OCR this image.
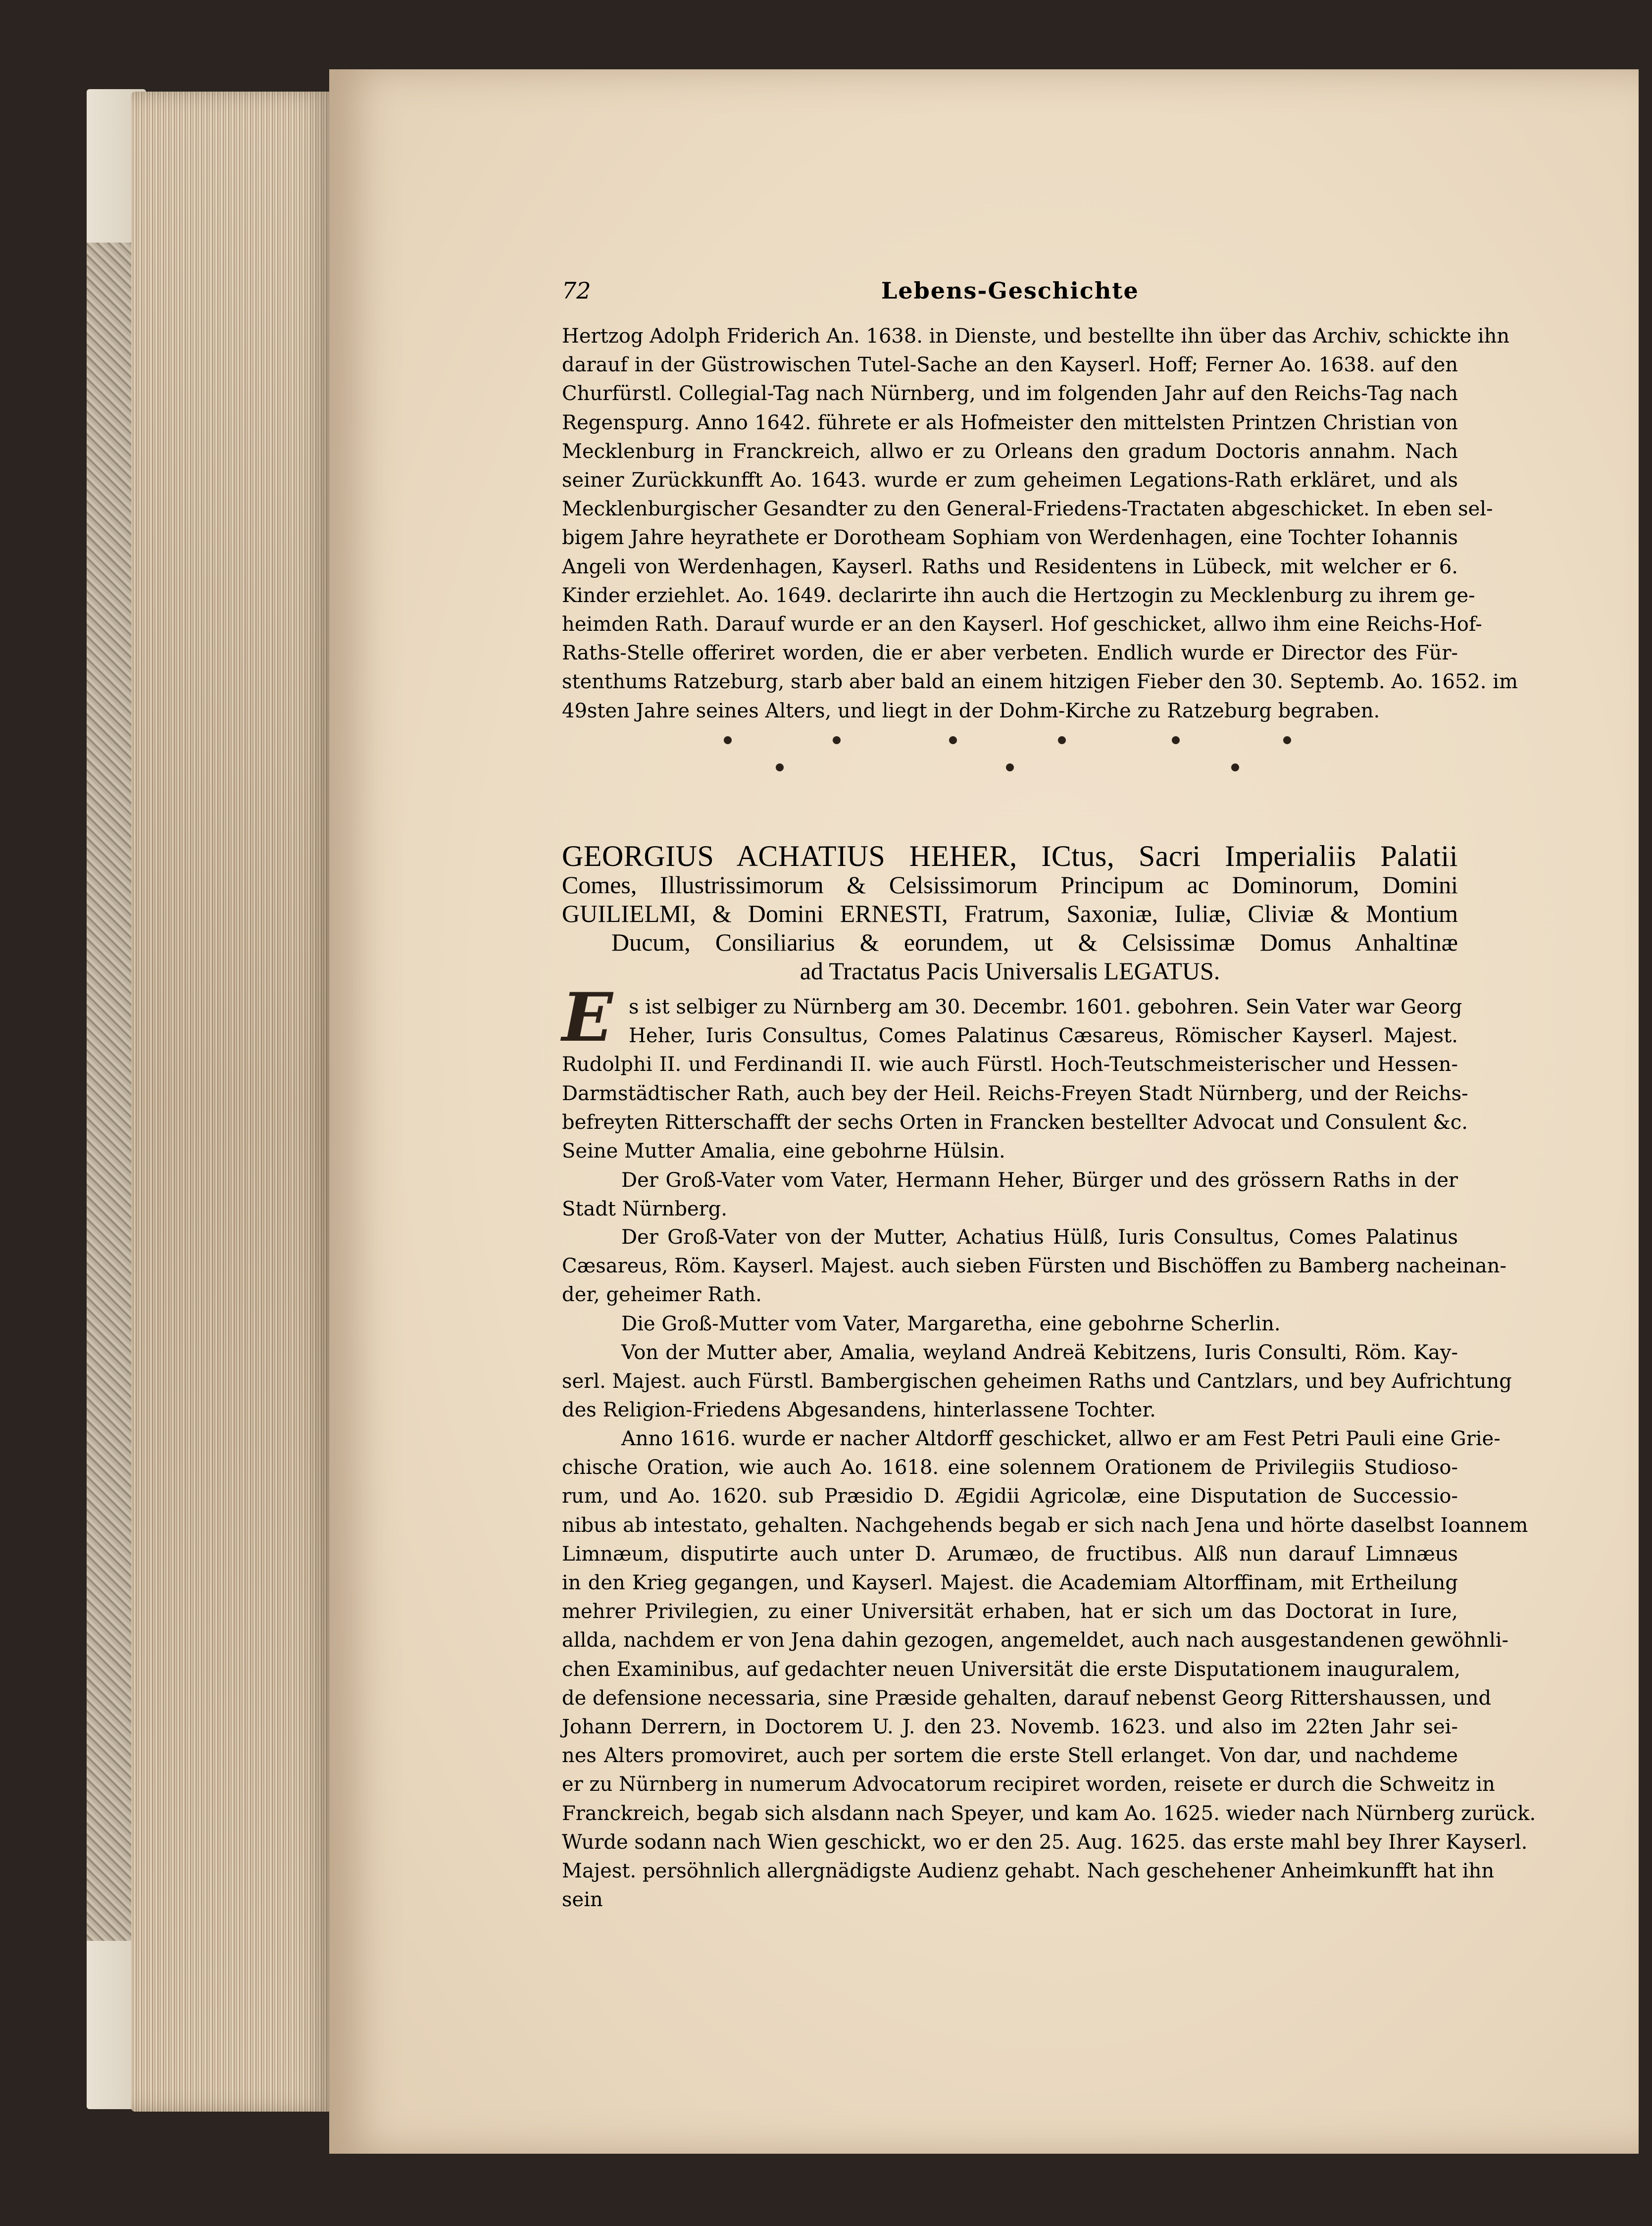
72	Lebens-Geschichte
Hertzog Adolph Friderich An. 1638. in Dienste, und bestellte ihn über das Archiv, schickte ihn
darauf in der Güstrowischen Tutel-Sache an den Kayserl. Hoff; Ferner Ao. 1638. auf den
Churfürstl. Collegial-Tag nach Nürnberg, und im folgenden Jahr auf den Reichs-Tag nach
Regenspurg. Anno 1642. führete er als Hofmeister den mittelsten Printzen Christian von
Mecklenburg in Franckreich, allwo er zu Orleans den gradum Doctoris annahm. Nach
seiner Zurückkunfft Ao. 1643. wurde er zum geheimen Legations-Rath erkläret, und als
Mecklenburgischer Gesandter zu den General-Friedens-Tractaten abgeschicket. In eben sel-
bigem Jahre heyrathete er Dorotheam Sophiam von Werdenhagen, eine Tochter Iohannis
Angeli von Werdenhagen, Kayserl. Raths und Residentens in Lübeck, mit welcher er 6.
Kinder erziehlet. Ao. 1649. declarirte ihn auch die Hertzogin zu Mecklenburg zu ihrem ge-
heimden Rath. Darauf wurde er an den Kayserl. Hof geschicket, allwo ihm eine Reichs-Hof-
Raths-Stelle offeriret worden, die er aber verbeten. Endlich wurde er Director des Für-
stenthums Ratzeburg, starb aber bald an einem hitzigen Fieber den 30. Septemb. Ao. 1652. im
49sten Jahre seines Alters, und liegt in der Dohm-Kirche zu Ratzeburg begraben.
GEORGIUS ACHATIUS HEHER, ICtus, Sacri Imperialiis Palatii
Comes, Illustrissimorum & Celsissimorum Principum ac Dominorum, Domini
GUILIELMI, & Domini ERNESTI, Fratrum, Saxoniæ, Iuliæ, Cliviæ & Montium
Ducum, Consiliarius & eorundem, ut & Celsissimæ Domus Anhaltinæ
ad Tractatus Pacis Universalis LEGATUS.
E s ist selbiger zu Nürnberg am 30. Decembr. 1601. gebohren. Sein Vater war Georg
Heher, Iuris Consultus, Comes Palatinus Cæsareus, Römischer Kayserl. Majest.
Rudolphi II. und Ferdinandi II. wie auch Fürstl. Hoch-Teutschmeisterischer und Hessen-
Darmstädtischer Rath, auch bey der Heil. Reichs-Freyen Stadt Nürnberg, und der Reichs-
befreyten Ritterschafft der sechs Orten in Francken bestellter Advocat und Consulent &c.
Seine Mutter Amalia, eine gebohrne Hülsin.
Der Groß-Vater vom Vater, Hermann Heher, Bürger und des grössern Raths in der
Stadt Nürnberg.
Der Groß-Vater von der Mutter, Achatius Hülß, Iuris Consultus, Comes Palatinus
Cæsareus, Röm. Kayserl. Majest. auch sieben Fürsten und Bischöffen zu Bamberg nacheinan-
der, geheimer Rath.
Die Groß-Mutter vom Vater, Margaretha, eine gebohrne Scherlin.
Von der Mutter aber, Amalia, weyland Andreä Kebitzens, Iuris Consulti, Röm. Kay-
serl. Majest. auch Fürstl. Bambergischen geheimen Raths und Cantzlars, und bey Aufrichtung
des Religion-Friedens Abgesandens, hinterlassene Tochter.
Anno 1616. wurde er nacher Altdorff geschicket, allwo er am Fest Petri Pauli eine Grie-
chische Oration, wie auch Ao. 1618. eine solennem Orationem de Privilegiis Studioso-
rum, und Ao. 1620. sub Præsidio D. Ægidii Agricolæ, eine Disputation de Successio-
nibus ab intestato, gehalten. Nachgehends begab er sich nach Jena und hörte daselbst Ioannem
Limnæum, disputirte auch unter D. Arumæo, de fructibus. Alß nun darauf Limnæus
in den Krieg gegangen, und Kayserl. Majest. die Academiam Altorffinam, mit Ertheilung
mehrer Privilegien, zu einer Universität erhaben, hat er sich um das Doctorat in Iure,
allda, nachdem er von Jena dahin gezogen, angemeldet, auch nach ausgestandenen gewöhnli-
chen Examinibus, auf gedachter neuen Universität die erste Disputationem inauguralem,
de defensione necessaria, sine Præside gehalten, darauf nebenst Georg Rittershaussen, und
Johann Derrern, in Doctorem U. J. den 23. Novemb. 1623. und also im 22ten Jahr sei-
nes Alters promoviret, auch per sortem die erste Stell erlanget. Von dar, und nachdeme
er zu Nürnberg in numerum Advocatorum recipiret worden, reisete er durch die Schweitz in
Franckreich, begab sich alsdann nach Speyer, und kam Ao. 1625. wieder nach Nürnberg zurück.
Wurde sodann nach Wien geschickt, wo er den 25. Aug. 1625. das erste mahl bey Ihrer Kayserl.
Majest. persöhnlich allergnädigste Audienz gehabt. Nach geschehener Anheimkunfft hat ihn
sein
